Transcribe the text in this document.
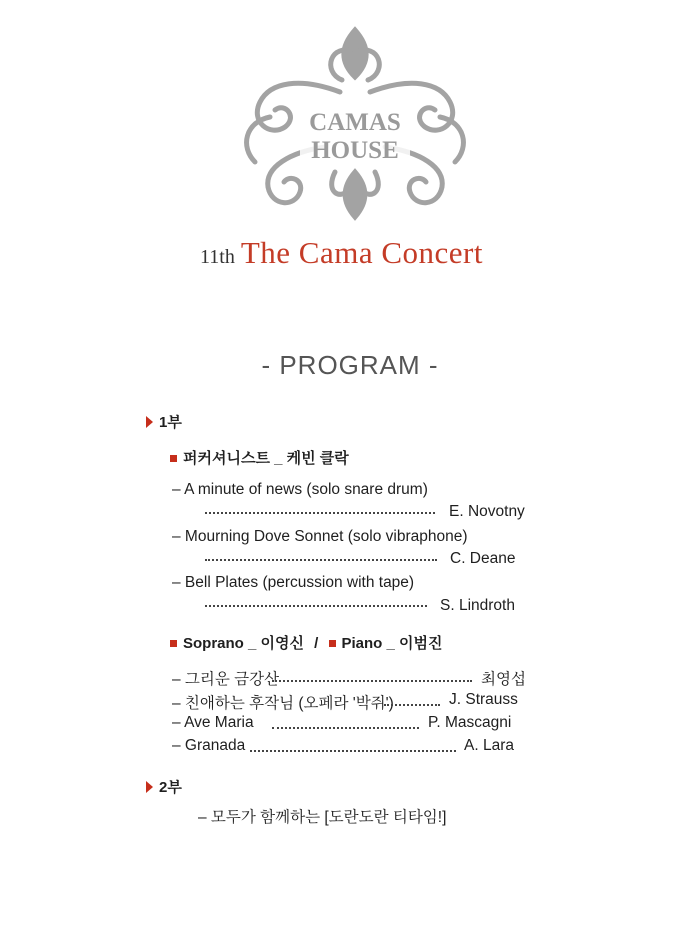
CAMAS
HOUSE
11th The Cama Concert
- PROGRAM -
1부
퍼커셔니스트 _ 케빈 클락
– A minute of news (solo snare drum)
E. Novotny
– Mourning Dove Sonnet (solo vibraphone)
C. Deane
– Bell Plates (percussion with tape)
S. Lindroth
Soprano _ 이영신 / Piano _ 이범진
– 그리운 금강산	최영섭
– 친애하는 후작님 (오페라 '박쥐')	J. Strauss
– Ave Maria	P. Mascagni
– Granada	A. Lara
2부
– 모두가 함께하는 [도란도란 티타임!]
